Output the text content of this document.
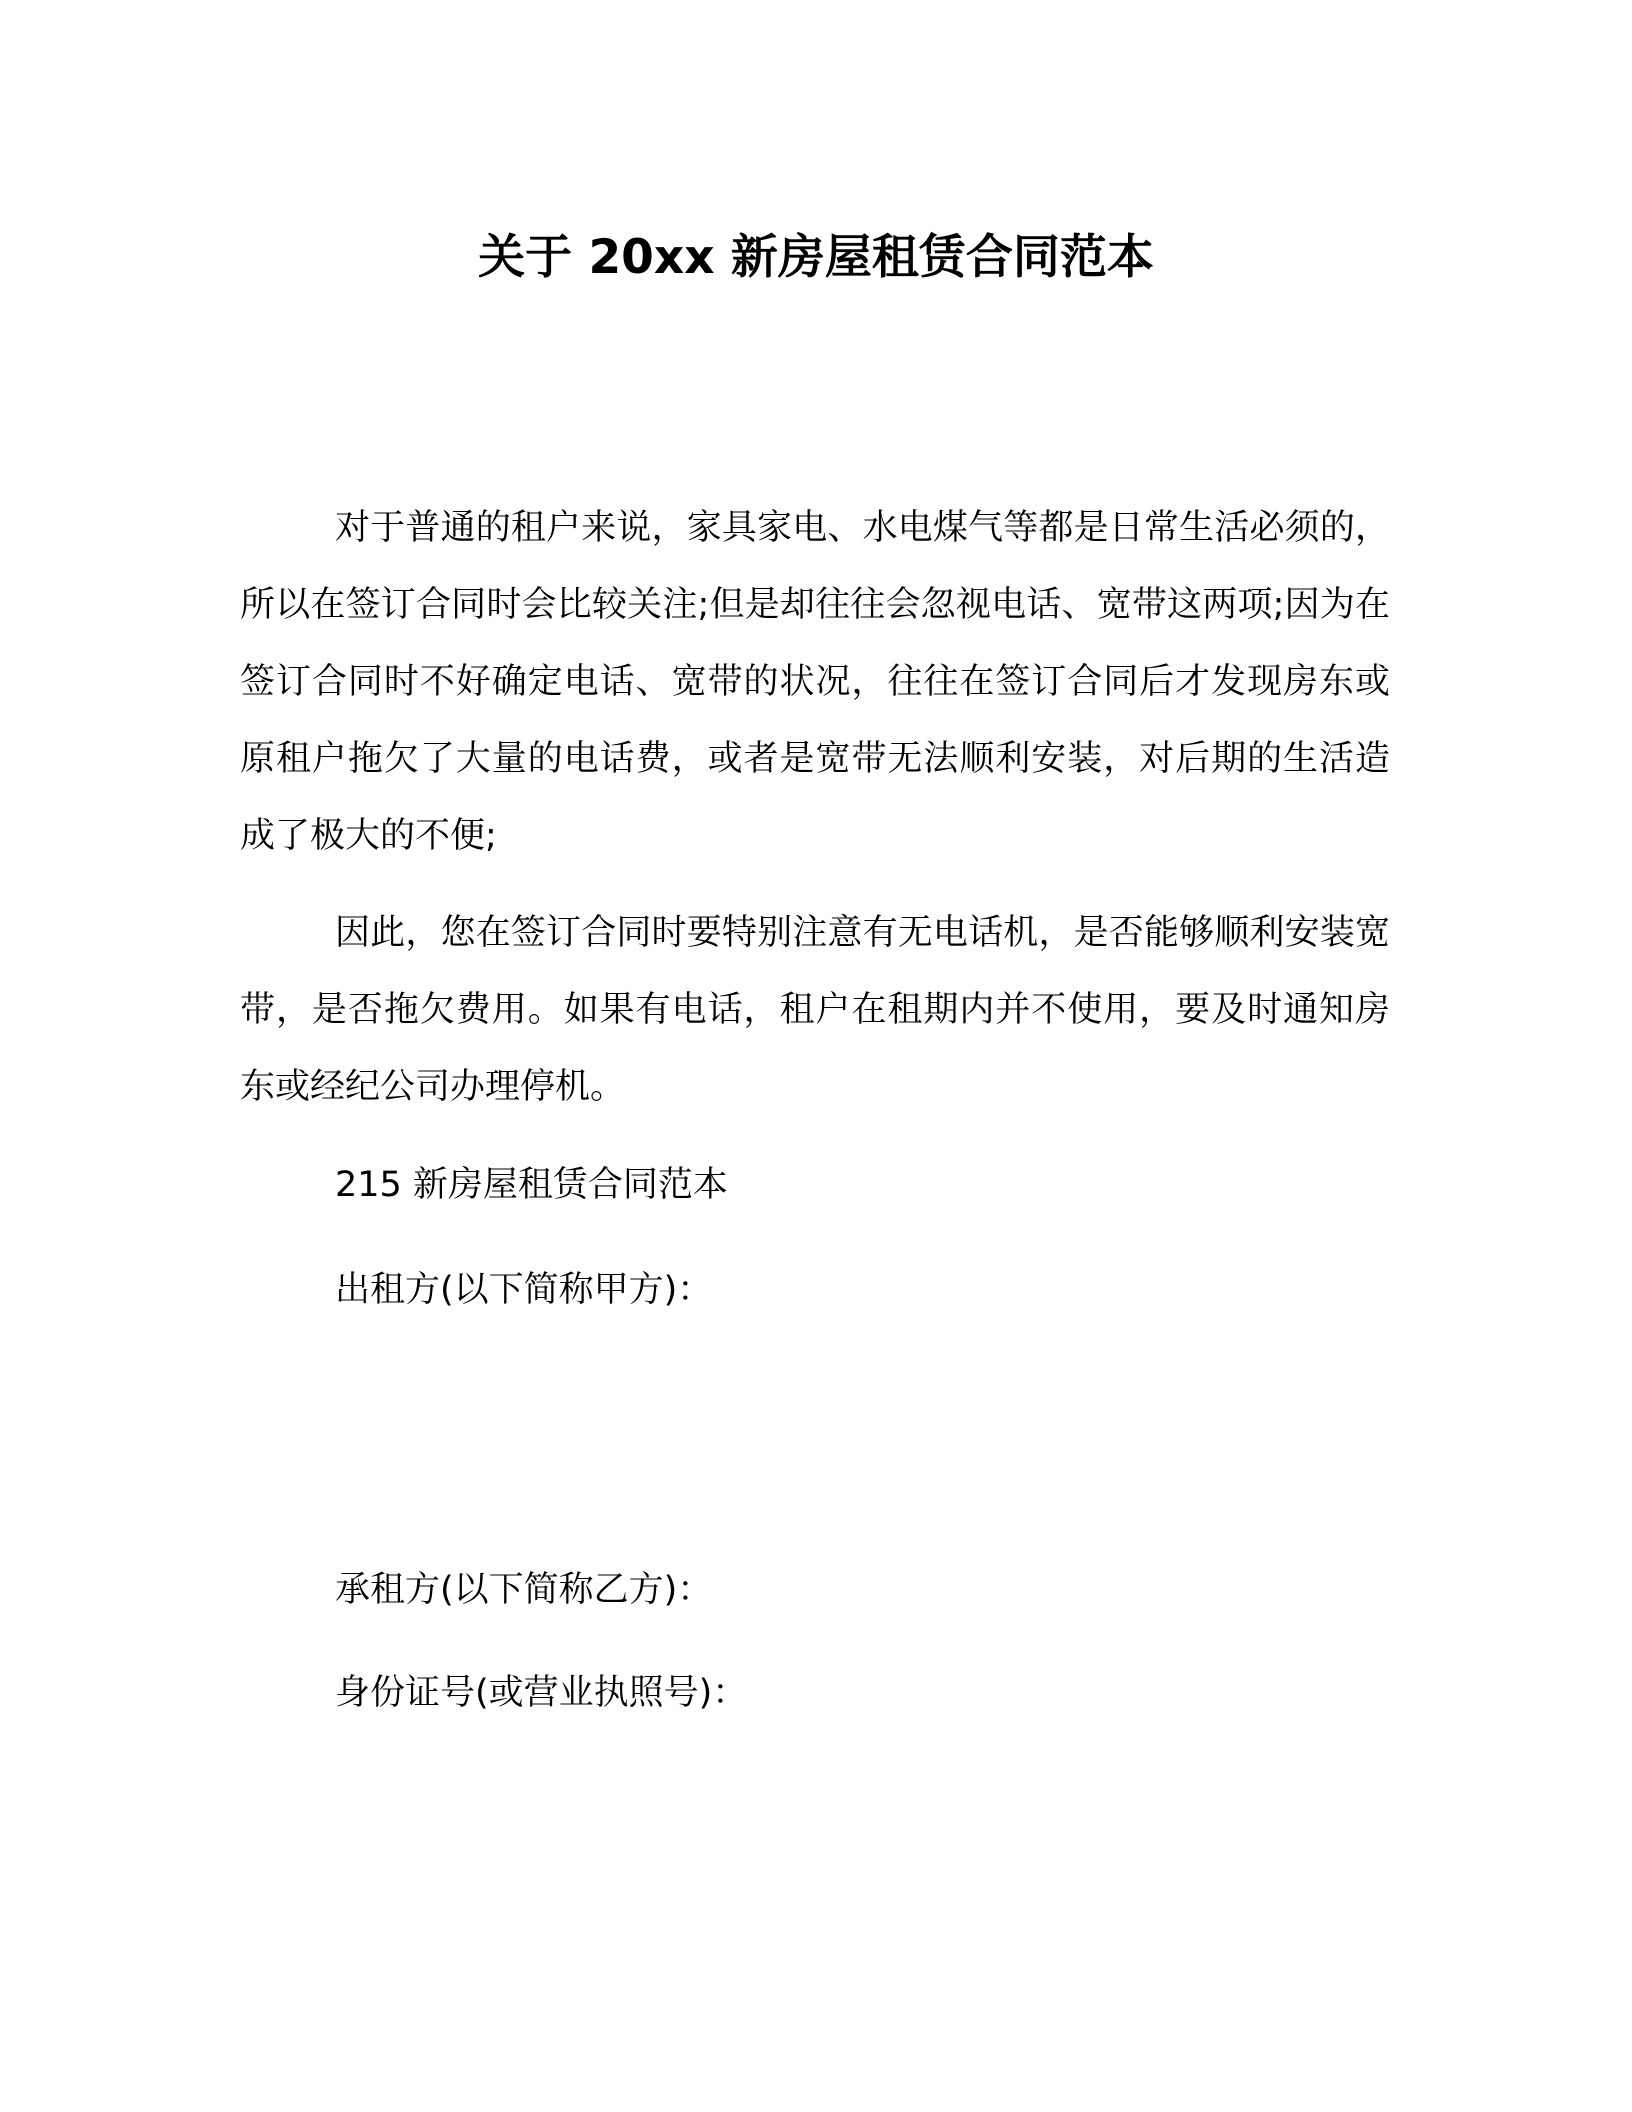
关于 20xx 新房屋租赁合同范本

对于普通的租户来说，家具家电、水电煤气等都是日常生活必须的，所以在签订合同时会比较关注;但是却往往会忽视电话、宽带这两项;因为在签订合同时不好确定电话、宽带的状况，往往在签订合同后才发现房东或原租户拖欠了大量的电话费，或者是宽带无法顺利安装，对后期的生活造成了极大的不便;

因此，您在签订合同时要特别注意有无电话机，是否能够顺利安装宽带，是否拖欠费用。如果有电话，租户在租期内并不使用，要及时通知房东或经纪公司办理停机。

215 新房屋租赁合同范本

出租方(以下简称甲方)：

承租方(以下简称乙方)：

身份证号(或营业执照号)：
